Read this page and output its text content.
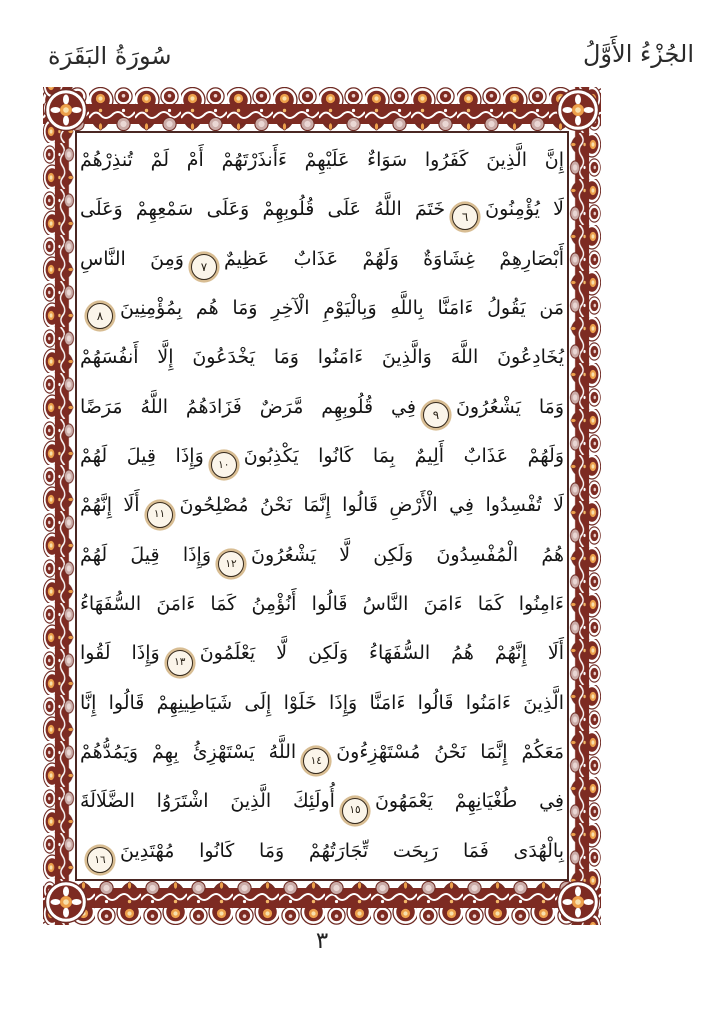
سُورَةُ البَقَرَة	الجُزْءُ الأَوَّلُ
إِنَّ الَّذِينَ كَفَرُوا سَوَاءٌ عَلَيْهِمْ ءَأَنذَرْتَهُمْ أَمْ لَمْ تُنذِرْهُمْ
لَا يُؤْمِنُونَ٦خَتَمَ اللَّهُ عَلَى قُلُوبِهِمْ وَعَلَى سَمْعِهِمْ وَعَلَى
أَبْصَارِهِمْ غِشَاوَةٌ وَلَهُمْ عَذَابٌ عَظِيمٌ٧وَمِنَ النَّاسِ
مَن يَقُولُ ءَامَنَّا بِاللَّهِ وَبِالْيَوْمِ الْآخِرِ وَمَا هُم بِمُؤْمِنِينَ٨
يُخَادِعُونَ اللَّهَ وَالَّذِينَ ءَامَنُوا وَمَا يَخْدَعُونَ إِلَّا أَنفُسَهُمْ
وَمَا يَشْعُرُونَ٩فِي قُلُوبِهِم مَّرَضٌ فَزَادَهُمُ اللَّهُ مَرَضًا
وَلَهُمْ عَذَابٌ أَلِيمٌ بِمَا كَانُوا يَكْذِبُونَ١٠وَإِذَا قِيلَ لَهُمْ
لَا تُفْسِدُوا فِي الْأَرْضِ قَالُوا إِنَّمَا نَحْنُ مُصْلِحُونَ١١أَلَا إِنَّهُمْ
هُمُ الْمُفْسِدُونَ وَلَكِن لَّا يَشْعُرُونَ١٢وَإِذَا قِيلَ لَهُمْ
ءَامِنُوا كَمَا ءَامَنَ النَّاسُ قَالُوا أَنُؤْمِنُ كَمَا ءَامَنَ السُّفَهَاءُ
أَلَا إِنَّهُمْ هُمُ السُّفَهَاءُ وَلَكِن لَّا يَعْلَمُونَ١٣وَإِذَا لَقُوا
الَّذِينَ ءَامَنُوا قَالُوا ءَامَنَّا وَإِذَا خَلَوْا إِلَى شَيَاطِينِهِمْ قَالُوا إِنَّا
مَعَكُمْ إِنَّمَا نَحْنُ مُسْتَهْزِءُونَ١٤اللَّهُ يَسْتَهْزِئُ بِهِمْ وَيَمُدُّهُمْ
فِي طُغْيَانِهِمْ يَعْمَهُونَ١٥أُولَئِكَ الَّذِينَ اشْتَرَوُا الضَّلَالَةَ
بِالْهُدَى فَمَا رَبِحَت تِّجَارَتُهُمْ وَمَا كَانُوا مُهْتَدِينَ١٦
٣
